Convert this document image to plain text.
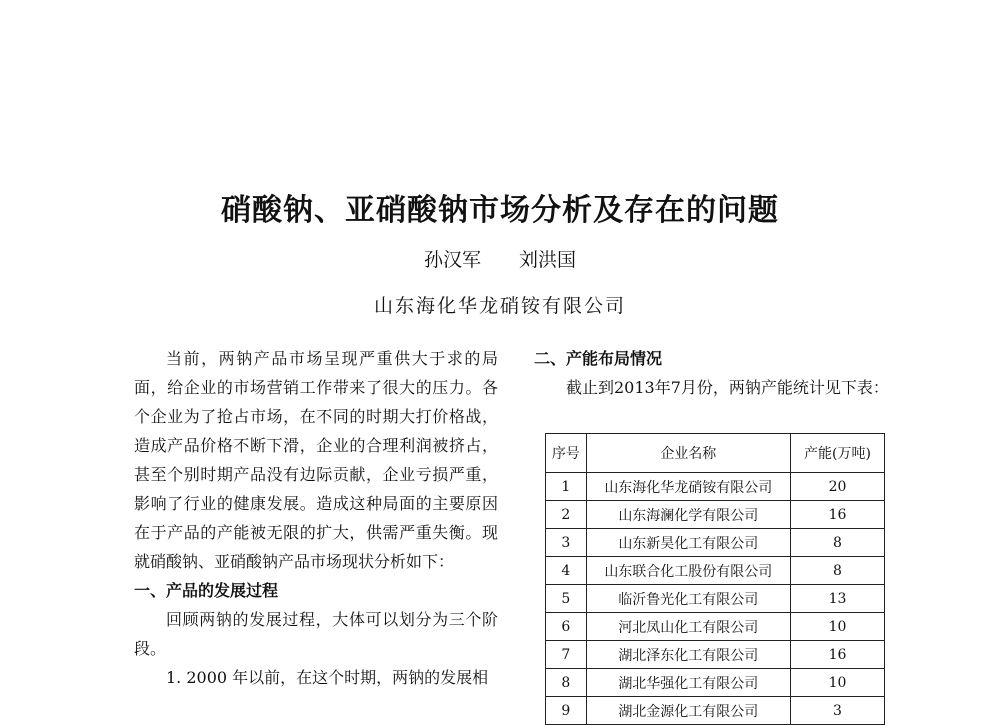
硝酸钠、亚硝酸钠市场分析及存在的问题
孙汉军 刘洪国
山东海化华龙硝铵有限公司

当前，两钠产品市场呈现严重供大于求的局面，给企业的市场营销工作带来了很大的压力。各个企业为了抢占市场，在不同的时期大打价格战，造成产品价格不断下滑，企业的合理利润被挤占，甚至个别时期产品没有边际贡献，企业亏损严重，影响了行业的健康发展。造成这种局面的主要原因在于产品的产能被无限的扩大，供需严重失衡。现就硝酸钠、亚硝酸钠产品市场现状分析如下：

一、产品的发展过程

回顾两钠的发展过程，大体可以划分为三个阶段。

1. 2000 年以前，在这个时期，两钠的发展相

二、产能布局情况

截止到2013年7月份，两钠产能统计见下表：

序号	企业名称	产能(万吨)
1	山东海化华龙硝铵有限公司	20
2	山东海澜化学有限公司	16
3	山东新昊化工有限公司	8
4	山东联合化工股份有限公司	8
5	临沂鲁光化工有限公司	13
6	河北凤山化工有限公司	10
7	湖北泽东化工有限公司	16
8	湖北华强化工有限公司	10
9	湖北金源化工有限公司	3
